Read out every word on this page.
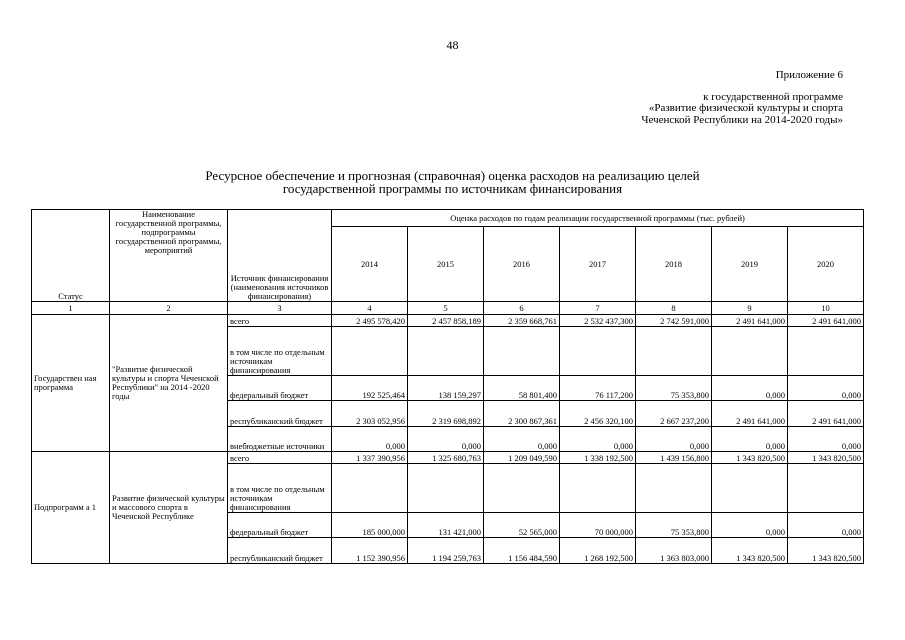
48
Приложение 6
к государственной программе
«Развитие физической культуры и спорта
Чеченской Республики на 2014-2020 годы»
Ресурсное обеспечение и прогнозная (справочная) оценка расходов на реализацию целей
государственной программы по источникам финансирования
Статус	Наименование государственной программы, подпрограммы государственной программы, мероприятий	Источник финансирования (наименования источников финансирования)	Оценка расходов по годам реализации государственной программы (тыс. рублей)						
			2014	2015	2016	2017	2018	2019	2020
1	2	3	4	5	6	7	8	9	10
Государствен ная программа	"Развитие физической культуры и спорта Чеченской Республики" на 2014 -2020 годы	всего	2 495 578,420	2 457 858,189	2 359 668,761	2 532 437,300	2 742 591,000	2 491 641,000	2 491 641,000
		в том числе по отдельным источникам финансирования							
		федеральный бюджет	192 525,464	138 159,297	58 801,400	76 117,200	75 353,800	0,000	0,000
		республиканский бюджет	2 303 052,956	2 319 698,892	2 300 867,361	2 456 320,100	2 667 237,200	2 491 641,000	2 491 641,000
		внебюджетные источники	0,000	0,000	0,000	0,000	0,000	0,000	0,000
Подпрограмм а 1	Развитие физической культуры и массового спорта в Чеченской Республике	всего	1 337 390,956	1 325 680,763	1 209 049,590	1 338 192,500	1 439 156,800	1 343 820,500	1 343 820,500
		в том числе по отдельным источникам финансирования							
		федеральный бюджет	185 000,000	131 421,000	52 565,000	70 000,000	75 353,800	0,000	0,000
		республиканский бюджет	1 152 390,956	1 194 259,763	1 156 484,590	1 268 192,500	1 363 803,000	1 343 820,500	1 343 820,500
